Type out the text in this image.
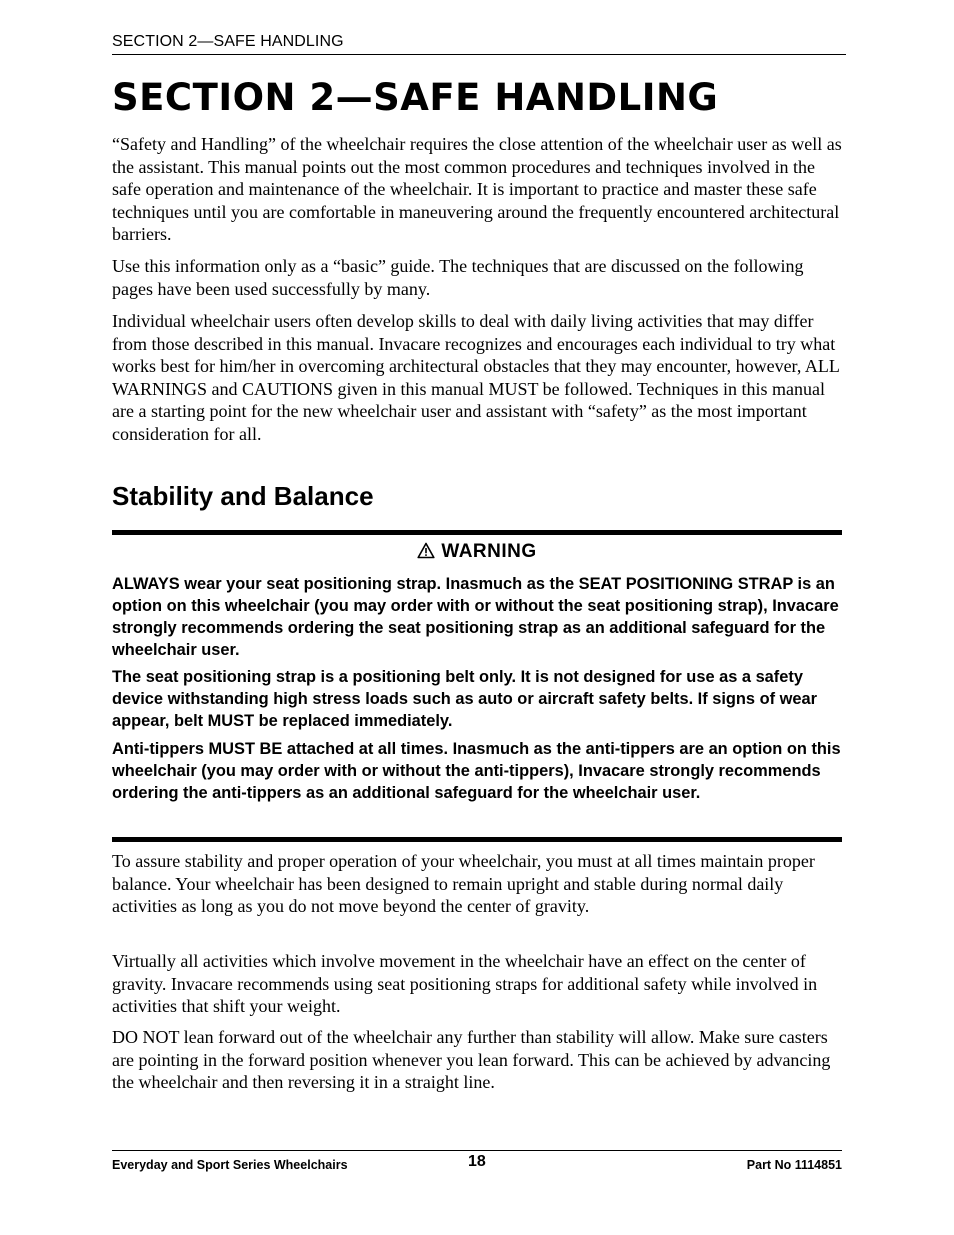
SECTION 2—SAFE HANDLING
SECTION 2—SAFE HANDLING

“Safety and Handling” of the wheelchair requires the close attention of the wheelchair user as well as the assistant. This manual points out the most common procedures and techniques involved in the safe operation and maintenance of the wheelchair. It is important to practice and master these safe techniques until you are comfortable in maneuvering around the frequently encountered architectural barriers.

Use this information only as a “basic” guide. The techniques that are discussed on the following pages have been used successfully by many.

Individual wheelchair users often develop skills to deal with daily living activities that may differ from those described in this manual. Invacare recognizes and encourages each individual to try what works best for him/her in overcoming architectural obstacles that they may encounter, however, ALL WARNINGS and CAUTIONS given in this manual MUST be followed. Techniques in this manual are a starting point for the new wheelchair user and assistant with “safety” as the most important consideration for all.

Stability and Balance
WARNING

ALWAYS wear your seat positioning strap. Inasmuch as the SEAT POSITIONING STRAP is an option on this wheelchair (you may order with or without the seat positioning strap), Invacare strongly recommends ordering the seat positioning strap as an additional safeguard for the wheelchair user.

The seat positioning strap is a positioning belt only. It is not designed for use as a safety device withstanding high stress loads such as auto or aircraft safety belts. If signs of wear appear, belt MUST be replaced immediately.

Anti-tippers MUST BE attached at all times. Inasmuch as the anti-tippers are an option on this wheelchair (you may order with or without the anti-tippers), Invacare strongly recommends ordering the anti-tippers as an additional safeguard for the wheelchair user.

To assure stability and proper operation of your wheelchair, you must at all times maintain proper balance. Your wheelchair has been designed to remain upright and stable during normal daily activities as long as you do not move beyond the center of gravity.

Virtually all activities which involve movement in the wheelchair have an effect on the center of gravity. Invacare recommends using seat positioning straps for additional safety while involved in activities that shift your weight.

DO NOT lean forward out of the wheelchair any further than stability will allow. Make sure casters are pointing in the forward position whenever you lean forward. This can be achieved by advancing the wheelchair and then reversing it in a straight line.

Everyday and Sport Series Wheelchairs	18	Part No 1114851
